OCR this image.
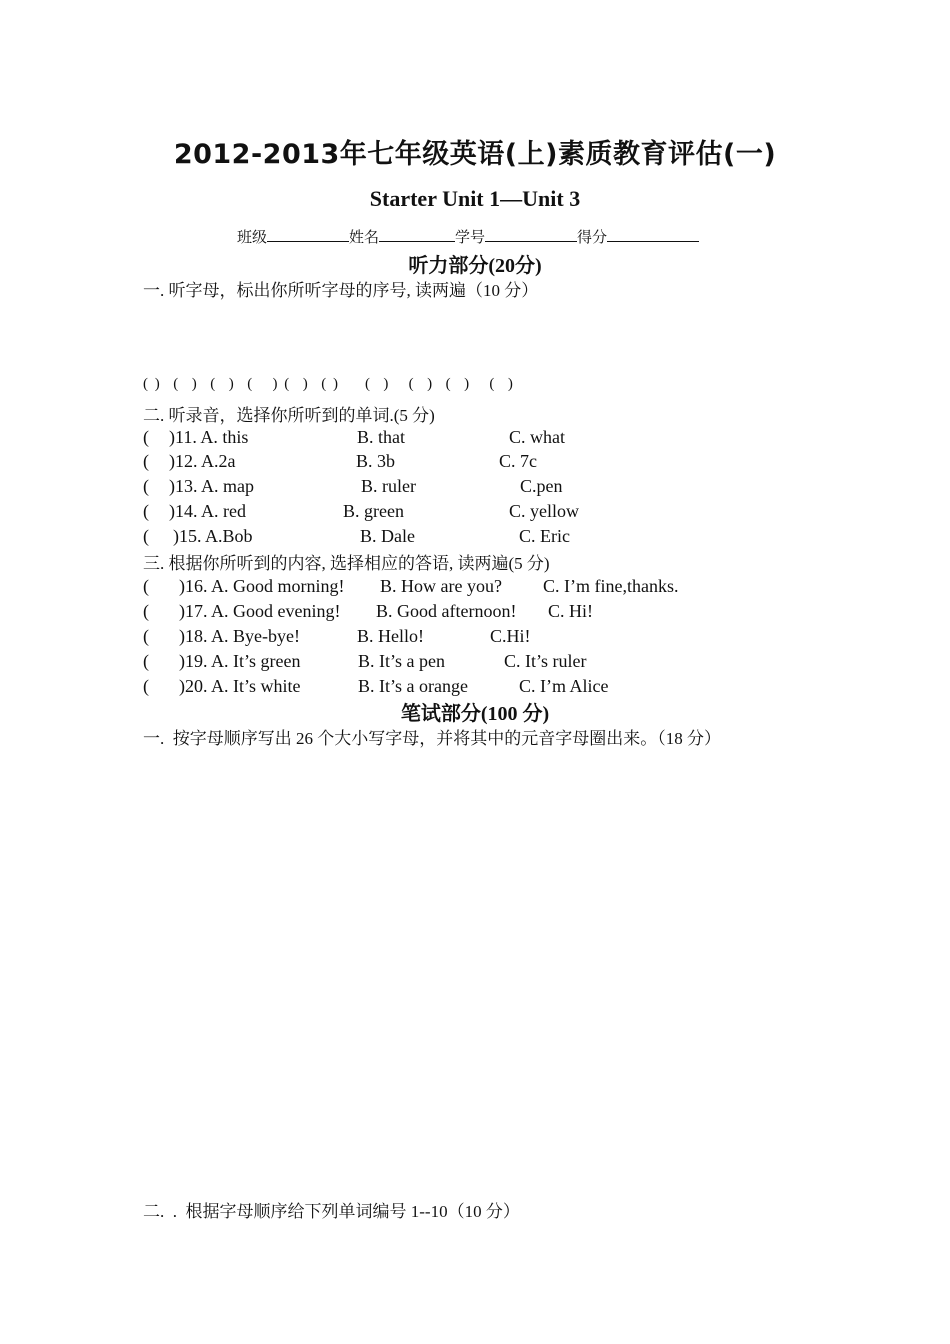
2012-2013年七年级英语(上)素质教育评估(一)
Starter Unit 1—Unit 3
班级	姓名	学号	得分
听力部分(20分)
一. 听字母，标出你所听字母的序号, 读两遍（10 分）
( )  (  )  (  )  (   ) (  )  ( )    (  )   (  )  (  )   (  )
二. 听录音，选择你所听到的单词.(5 分)
( )11. A. this	B. that	C. what
( )12. A.2a	B. 3b	C. 7c
( )13. A. map	B. ruler	C.pen
( )14. A. red	B. green	C. yellow
( )15. A.Bob	B. Dale	C. Eric
三. 根据你所听到的内容, 选择相应的答语, 读两遍(5 分)
( )16. A. Good morning! B. How are you? C. I’m fine,thanks.
( )17. A. Good evening! B. Good afternoon! C. Hi!
( )18. A. Bye-bye!	B. Hello!	C.Hi!
( )19. A. It’s green	B. It’s a pen	C. It’s ruler
( )20. A. It’s white	B. It’s a orange	C. I’m Alice
笔试部分(100 分)
一.  按字母顺序写出 26 个大小写字母，并将其中的元音字母圈出来。（18 分）
二.  .  根据字母顺序给下列单词编号 1--10（10 分）
